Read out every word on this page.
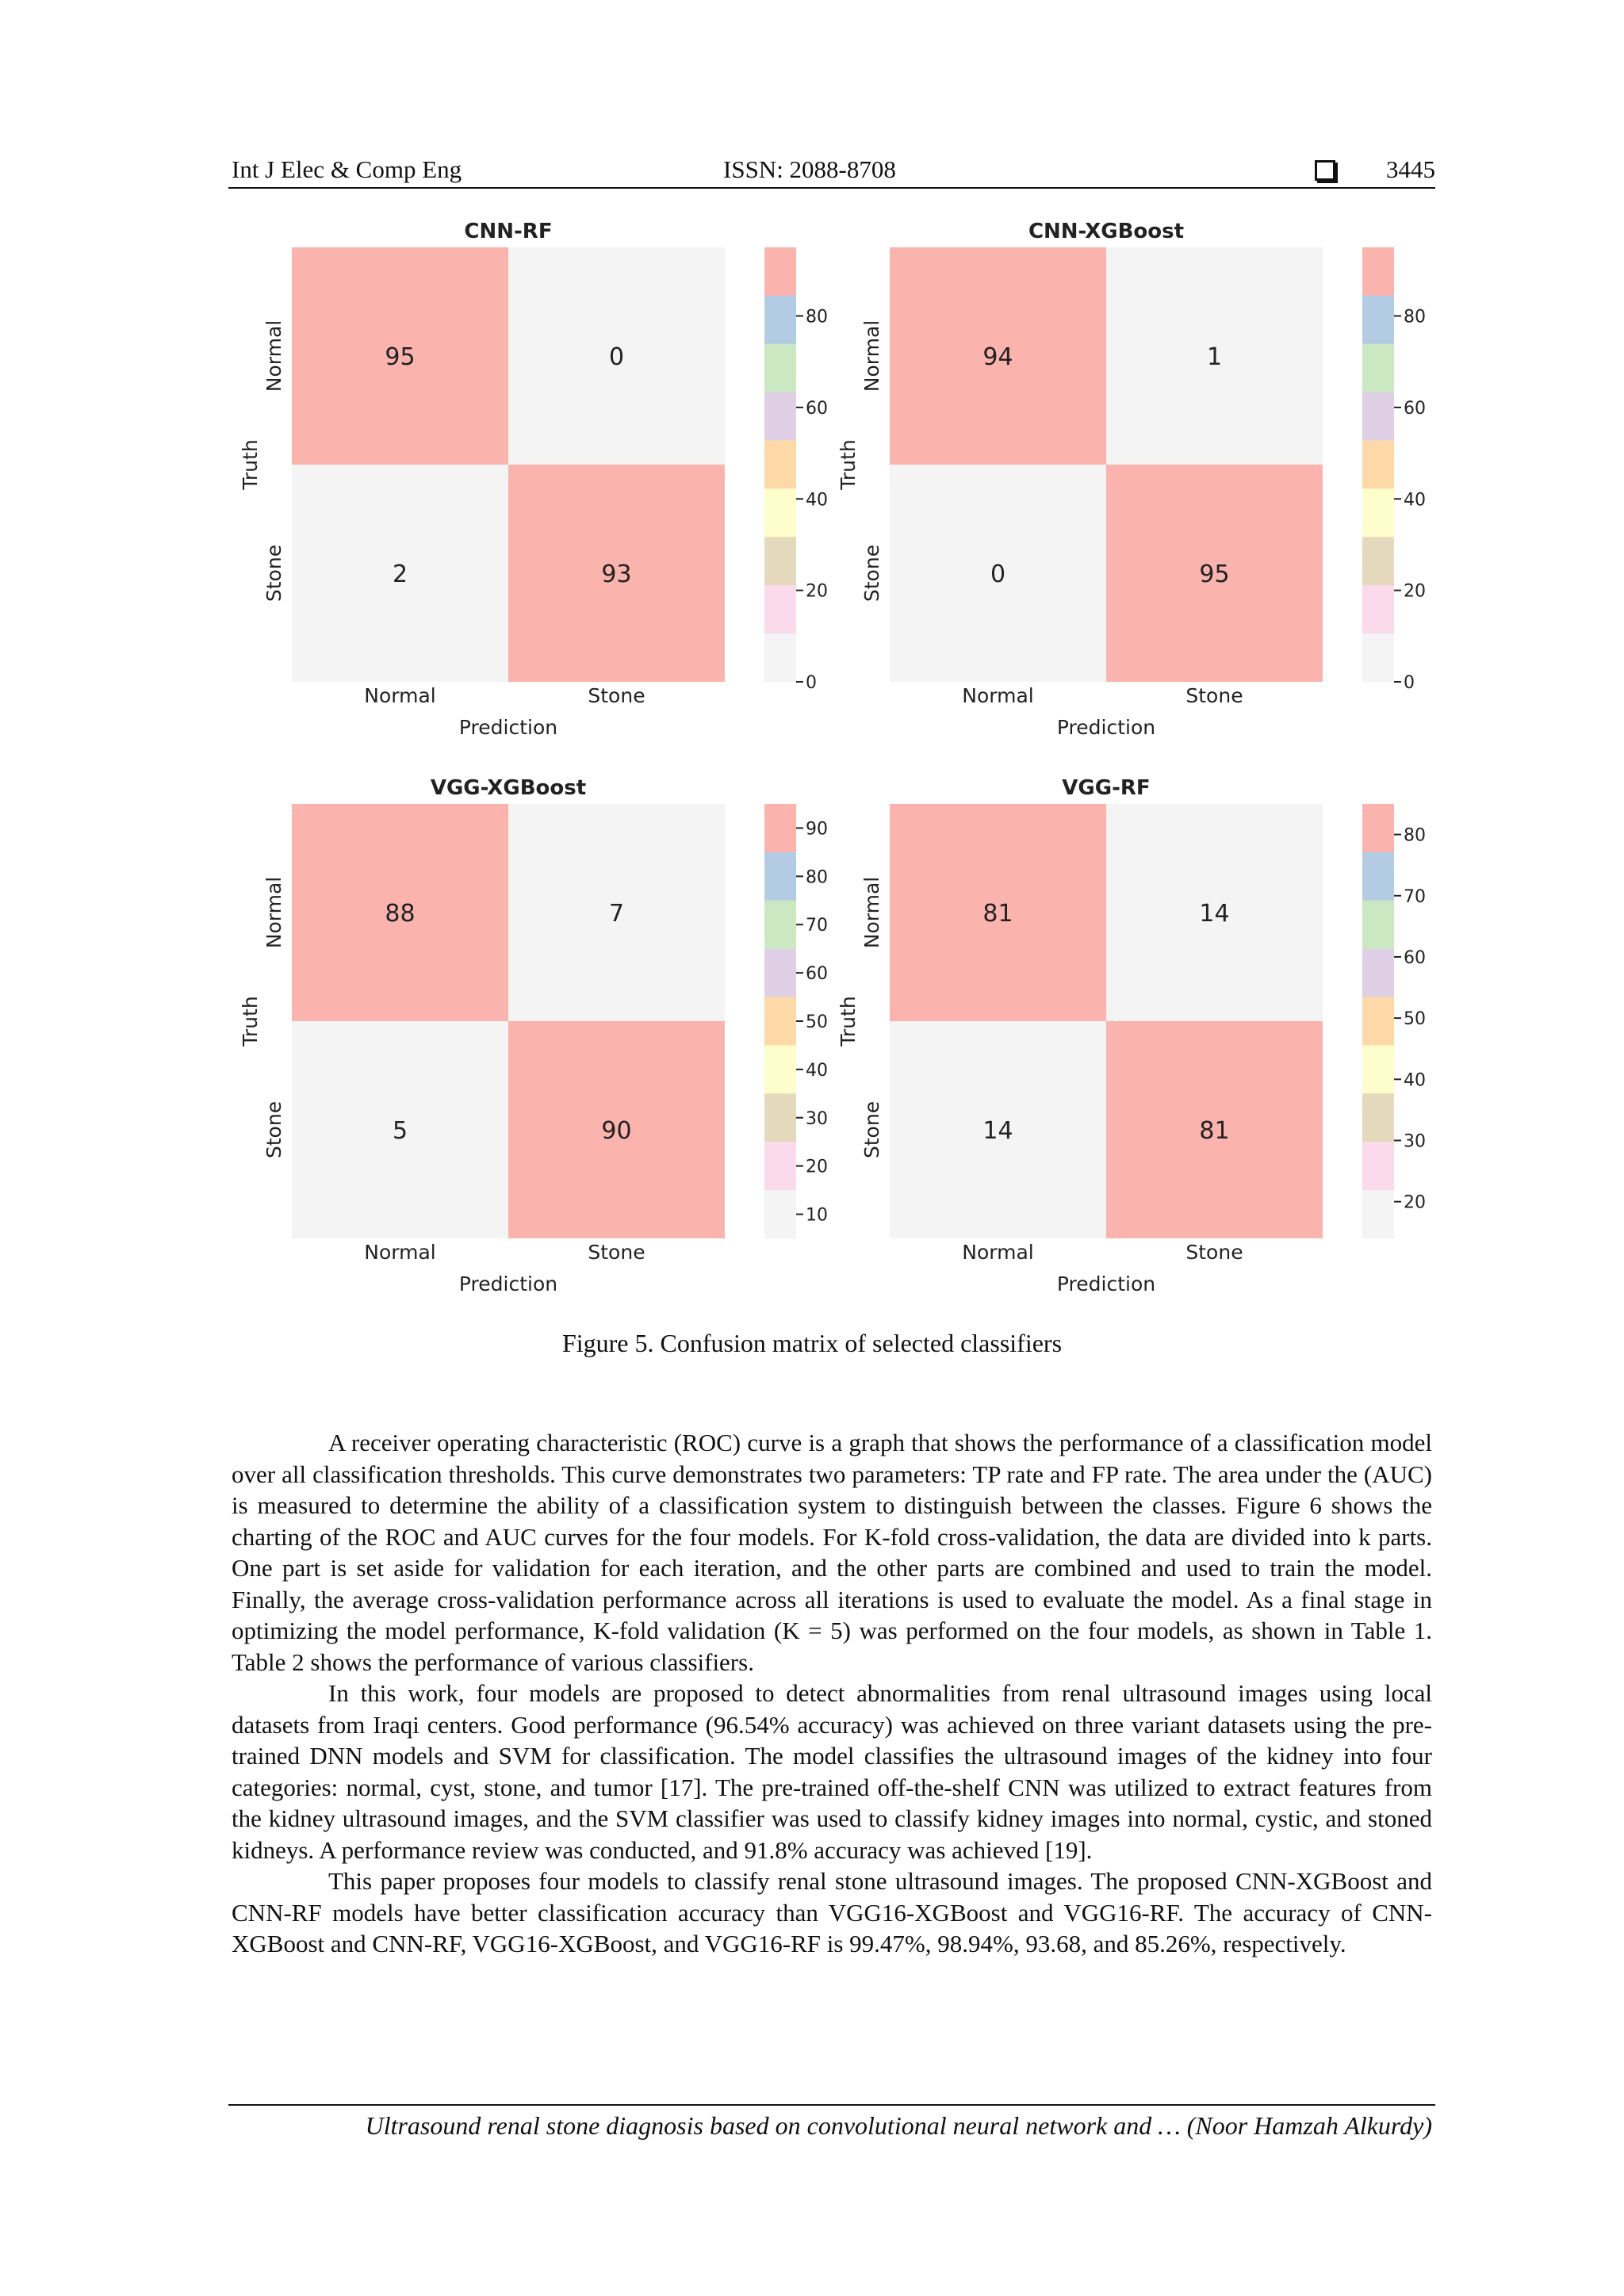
Int J Elec & Comp Eng	ISSN: 2088-8708	3445
CNN-RF
95	0
2	93
Normal	Stone
Normal
Stone
Prediction
Truth
80
60
40
20
0
CNN-XGBoost
94	1
0	95
Normal	Stone
Normal
Stone
Prediction
Truth
80
60
40
20
0
VGG-XGBoost
88	7
5	90
Normal	Stone
Normal
Stone
Prediction
Truth
90
80
70
60
50
40
30
20
10
VGG-RF
81	14
14	81
Normal	Stone
Normal
Stone
Prediction
Truth
80
70
60
50
40
30
20
Figure 5. Confusion matrix of selected classifiers

A receiver operating characteristic (ROC) curve is a graph that shows the performance of a classification model over all classification thresholds. This curve demonstrates two parameters: TP rate and FP rate. The area under the (AUC) is measured to determine the ability of a classification system to distinguish between the classes. Figure 6 shows the charting of the ROC and AUC curves for the four models. For K-fold cross-validation, the data are divided into k parts. One part is set aside for validation for each iteration, and the other parts are combined and used to train the model. Finally, the average cross-validation performance across all iterations is used to evaluate the model. As a final stage in optimizing the model performance, K-fold validation (K = 5) was performed on the four models, as shown in Table 1. Table 2 shows the performance of various classifiers.

In this work, four models are proposed to detect abnormalities from renal ultrasound images using local datasets from Iraqi centers. Good performance (96.54% accuracy) was achieved on three variant datasets using the pre-trained DNN models and SVM for classification. The model classifies the ultrasound images of the kidney into four categories: normal, cyst, stone, and tumor [17]. The pre-trained off-the-shelf CNN was utilized to extract features from the kidney ultrasound images, and the SVM classifier was used to classify kidney images into normal, cystic, and stoned kidneys. A performance review was conducted, and 91.8% accuracy was achieved [19].

This paper proposes four models to classify renal stone ultrasound images. The proposed CNN-XGBoost and CNN-RF models have better classification accuracy than VGG16-XGBoost and VGG16-RF. The accuracy of CNN-XGBoost and CNN-RF, VGG16-XGBoost, and VGG16-RF is 99.47%, 98.94%, 93.68, and 85.26%, respectively.

Ultrasound renal stone diagnosis based on convolutional neural network and … (Noor Hamzah Alkurdy)
